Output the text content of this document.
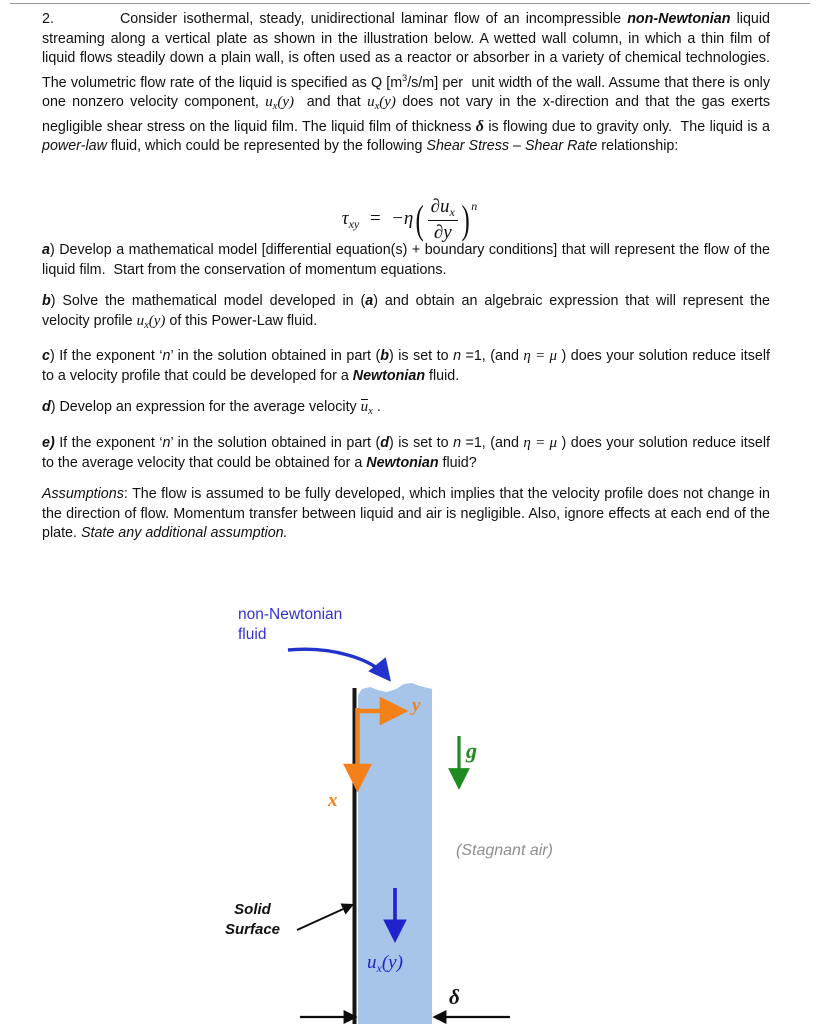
2.	Consider isothermal, steady, unidirectional laminar flow of an incompressible non-Newtonian liquid streaming along a vertical plate as shown in the illustration below. A wetted wall column, in which a thin film of liquid flows steadily down a plain wall, is often used as a reactor or absorber in a variety of chemical technologies. The volumetric flow rate of the liquid is specified as Q $[m^3/s/m]$ per  unit width of the wall. Assume that there is only one nonzero velocity component, $u_x(y)$  and that $u_x(y)$ does not vary in the x-direction and that the gas exerts negligible shear stress on the liquid film. The liquid film of thickness δ is flowing due to gravity only.  The liquid is a power-law fluid, which could be represented by the following Shear Stress – Shear Rate relationship:

a) Develop a mathematical model [differential equation(s) + boundary conditions] that will represent the flow of the liquid film.  Start from the conservation of momentum equations.

b) Solve the mathematical model developed in (a) and obtain an algebraic expression that will represent the velocity profile $u_x(y)$ of this Power-Law fluid.

c) If the exponent ‘n’ in the solution obtained in part (b) is set to n =1, (and η = μ ) does your solution reduce itself to a velocity profile that could be developed for a Newtonian fluid.

d) Develop an expression for the average velocity $u_x$ .

e) If the exponent ‘n’ in the solution obtained in part (d) is set to n =1, (and η = μ ) does your solution reduce itself to the average velocity that could be obtained for a Newtonian fluid?

Assumptions: The flow is assumed to be fully developed, which implies that the velocity profile does not change in the direction of flow. Momentum transfer between liquid and air is negligible. Also, ignore effects at each end of the plate. State any additional assumption.

$\tau_{xy} = -\eta( \frac{\partial u_x}{\partial y}$ ) $^n$
non-Newtonian
fluid
y
x
g
(Stagnant air)
Solid
Surface
$u_x(y)$
δ
